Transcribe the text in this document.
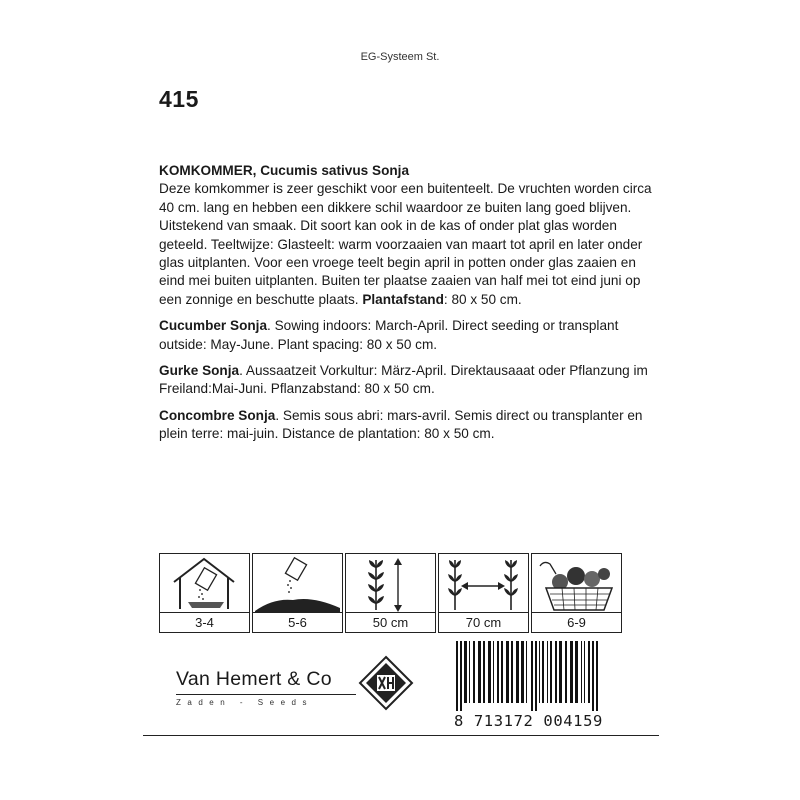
EG-Systeem St.
415

KOMKOMMER, Cucumis sativus Sonja
Deze komkommer is zeer geschikt voor een buitenteelt. De vruchten worden circa 40 cm. lang en hebben een dikkere schil waardoor ze buiten lang goed blijven. Uitstekend van smaak. Dit soort kan ook in de kas of onder plat glas worden geteeld. Teeltwijze: Glasteelt: warm voorzaaien van maart tot april en later onder glas uitplanten. Voor een vroege teelt begin april in potten onder glas zaaien en eind mei buiten uitplanten. Buiten ter plaatse zaaien van half mei tot eind juni op een zonnige en beschutte plaats. Plantafstand: 80 x 50 cm.

Cucumber Sonja. Sowing indoors: March-April. Direct seeding or transplant outside: May-June. Plant spacing: 80 x 50 cm.

Gurke Sonja. Aussaatzeit Vorkultur: März-April. Direktausaaat oder Pflanzung im Freiland:Mai-Juni. Pflanzabstand: 80 x 50 cm.

Concombre Sonja. Semis sous abri: mars-avril. Semis direct ou transplanter en plein terre: mai-juin. Distance de plantation: 80 x 50 cm.

3-4	5-6	50 cm	70 cm	6-9
Van Hemert & Co
Zaden - Seeds
8 713172 004159
